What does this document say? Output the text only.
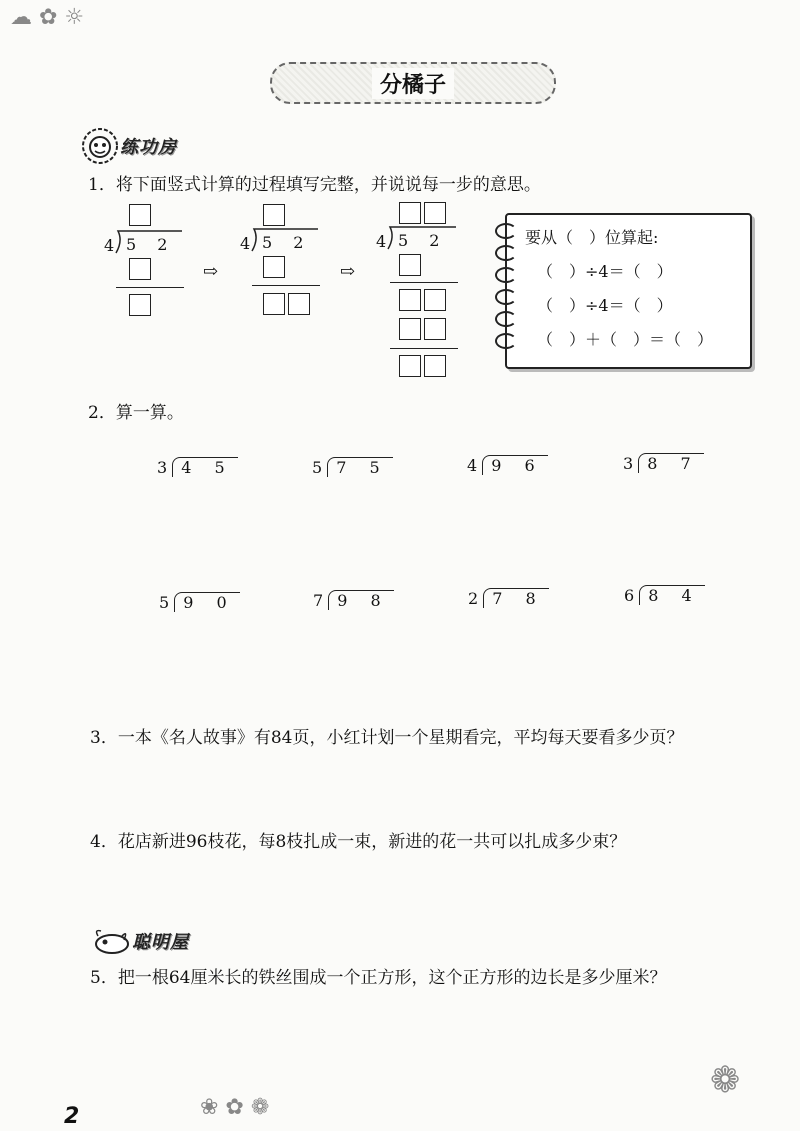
☁ ✿ ☼
分橘子
练功房
1．将下面竖式计算的过程填写完整，并说说每一步的意思。
4 5 2
⇨
4 5 2
⇨
4 5 2	要从（　）位算起:
（　）÷4＝（　）
（　）÷4＝（　）
（　）＋（　）＝（　）
2．算一算。
3 4 5	5 7 5	4 9 6	3 8 7
5 9 0	7 9 8	2 7 8	6 8 4
3．一本《名人故事》有84页，小红计划一个星期看完，平均每天要看多少页？
4．花店新进96枝花，每8枝扎成一束，新进的花一共可以扎成多少束？
聪明屋
5．把一根64厘米长的铁丝围成一个正方形，这个正方形的边长是多少厘米？
❀ ✿ ❁
❁
2
